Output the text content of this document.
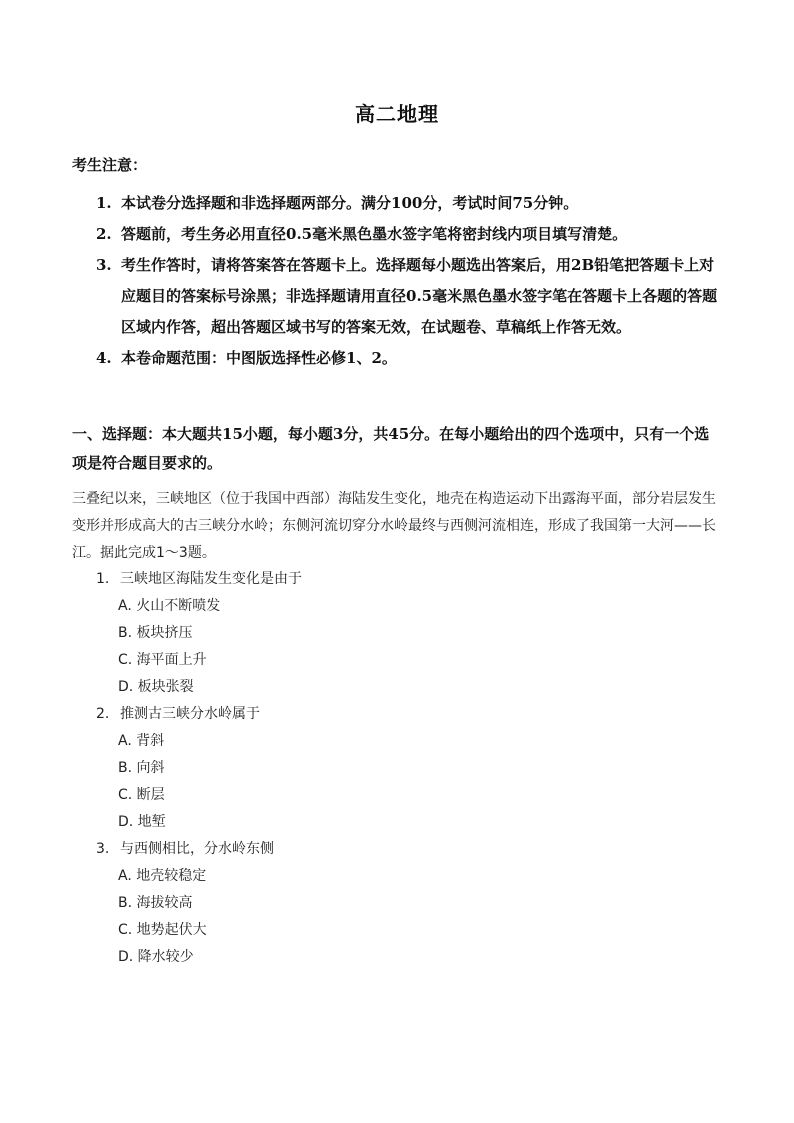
高二地理
考生注意：
1. 本试卷分选择题和非选择题两部分。满分100分，考试时间75分钟。
2. 答题前，考生务必用直径0.5毫米黑色墨水签字笔将密封线内项目填写清楚。
3. 考生作答时，请将答案答在答题卡上。选择题每小题选出答案后，用2B铅笔把答题卡上对应题目的答案标号涂黑；非选择题请用直径0.5毫米黑色墨水签字笔在答题卡上各题的答题区域内作答，超出答题区域书写的答案无效，在试题卷、草稿纸上作答无效。
4. 本卷命题范围：中图版选择性必修1、2。
一、选择题：本大题共15小题，每小题3分，共45分。在每小题给出的四个选项中，只有一个选项是符合题目要求的。
三叠纪以来，三峡地区（位于我国中西部）海陆发生变化，地壳在构造运动下出露海平面，部分岩层发生变形并形成高大的古三峡分水岭；东侧河流切穿分水岭最终与西侧河流相连，形成了我国第一大河——长江。据此完成1～3题。
1. 三峡地区海陆发生变化是由于
A. 火山不断喷发
B. 板块挤压
C. 海平面上升
D. 板块张裂
2. 推测古三峡分水岭属于
A. 背斜
B. 向斜
C. 断层
D. 地堑
3. 与西侧相比，分水岭东侧
A. 地壳较稳定
B. 海拔较高
C. 地势起伏大
D. 降水较少
